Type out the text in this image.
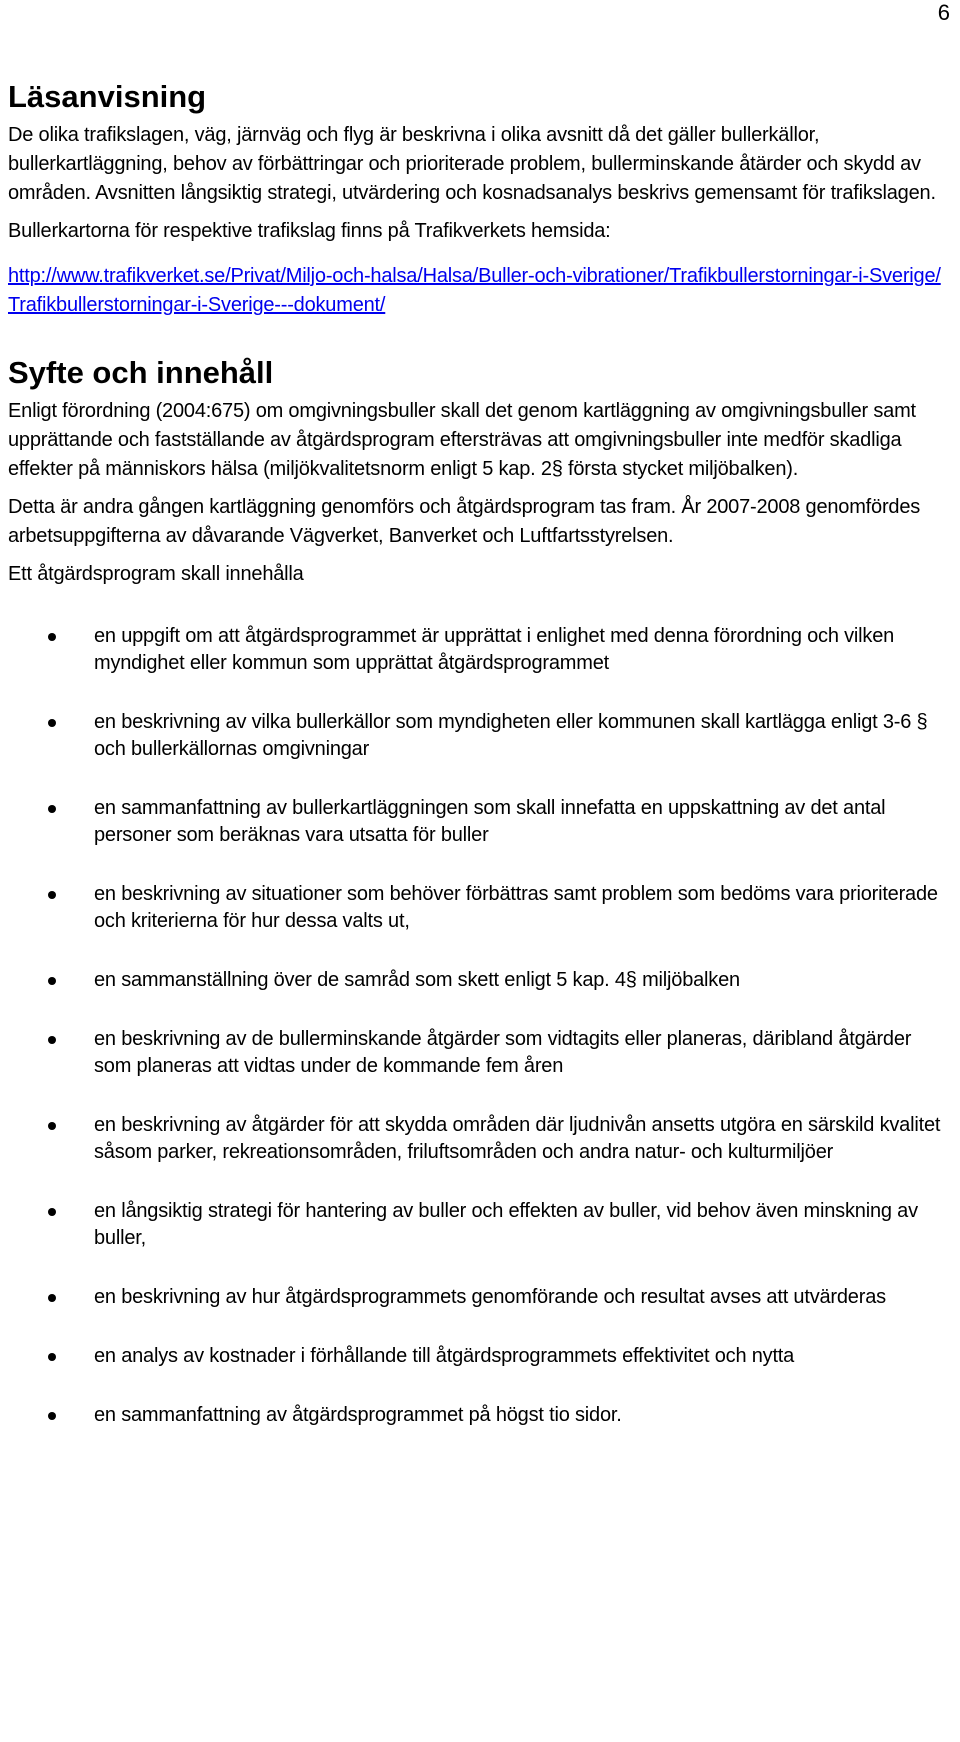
6
Läsanvisning

De olika trafikslagen, väg, järnväg och flyg är beskrivna i olika avsnitt då det gäller bullerkällor, bullerkartläggning, behov av förbättringar och prioriterade problem, bullerminskande åtärder och skydd av områden. Avsnitten långsiktig strategi, utvärdering och kosnadsanalys beskrivs gemensamt för trafikslagen.

Bullerkartorna för respektive trafikslag finns på Trafikverkets hemsida:

http://www.trafikverket.se/Privat/Miljo-och-halsa/Halsa/Buller-och-vibrationer/Trafikbullerstorningar-i-Sverige/Trafikbullerstorningar-i-Sverige---dokument/

Syfte och innehåll

Enligt förordning (2004:675) om omgivningsbuller skall det genom kartläggning av omgivningsbuller samt upprättande och fastställande av åtgärdsprogram eftersträvas att omgivningsbuller inte medför skadliga effekter på människors hälsa (miljökvalitetsnorm enligt 5 kap. 2§ första stycket miljöbalken).

Detta är andra gången kartläggning genomförs och åtgärdsprogram tas fram. År 2007-2008 genomfördes arbetsuppgifterna av dåvarande Vägverket, Banverket och Luftfartsstyrelsen.

Ett åtgärdsprogram skall innehålla

en uppgift om att åtgärdsprogrammet är upprättat i enlighet med denna förordning och vilken myndighet eller kommun som upprättat åtgärdsprogrammet
en beskrivning av vilka bullerkällor som myndigheten eller kommunen skall kartlägga enligt 3-6 § och bullerkällornas omgivningar
en sammanfattning av bullerkartläggningen som skall innefatta en uppskattning av det antal personer som beräknas vara utsatta för buller
en beskrivning av situationer som behöver förbättras samt problem som bedöms vara prioriterade och kriterierna för hur dessa valts ut,
en sammanställning över de samråd som skett enligt 5 kap. 4§ miljöbalken
en beskrivning av de bullerminskande åtgärder som vidtagits eller planeras, däribland åtgärder som planeras att vidtas under de kommande fem åren
en beskrivning av åtgärder för att skydda områden där ljudnivån ansetts utgöra en särskild kvalitet såsom parker, rekreationsområden, friluftsområden och andra natur- och kulturmiljöer
en långsiktig strategi för hantering av buller och effekten av buller, vid behov även minskning av buller,
en beskrivning av hur åtgärdsprogrammets genomförande och resultat avses att utvärderas
en analys av kostnader i förhållande till åtgärdsprogrammets effektivitet och nytta
en sammanfattning av åtgärdsprogrammet på högst tio sidor.
